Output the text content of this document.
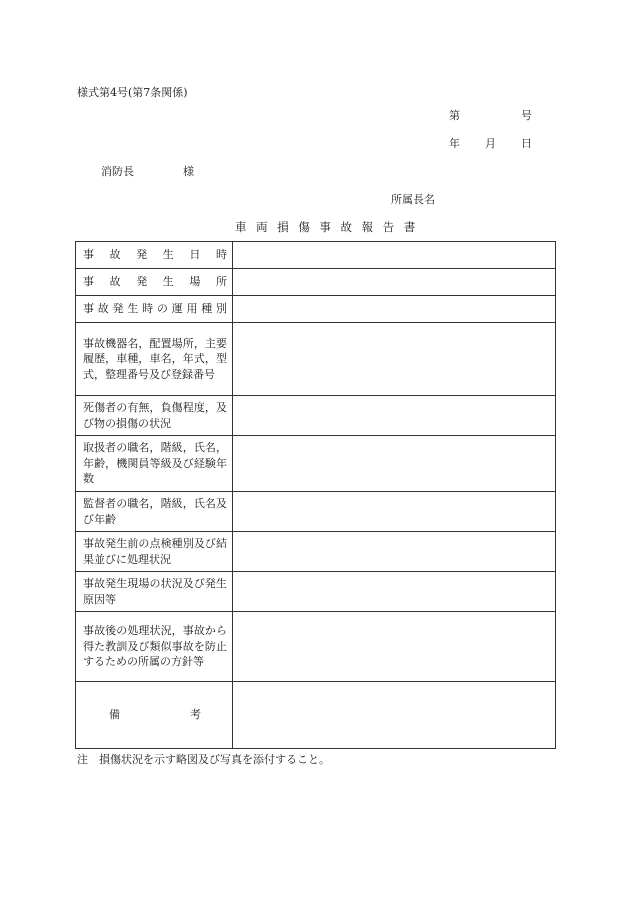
様式第4号(第7条関係)
第	号
年 月 日
消防長	様
所属長名
車両損傷事故報告書
事故発生日時	
事故発生場所	
事故発生時の運用種別	
事故機器名，配置場所，主要履歴，車種，車名，年式，型式，整理番号及び登録番号	
死傷者の有無，負傷程度，及び物の損傷の状況	
取扱者の職名，階級，氏名，年齢，機関員等級及び経験年数	
監督者の職名，階級，氏名及び年齢	
事故発生前の点検種別及び結果並びに処理状況	
事故発生現場の状況及び発生原因等	
事故後の処理状況，事故から得た教訓及び類似事故を防止するための所属の方針等	
備考	
注　損傷状況を示す略図及び写真を添付すること。
